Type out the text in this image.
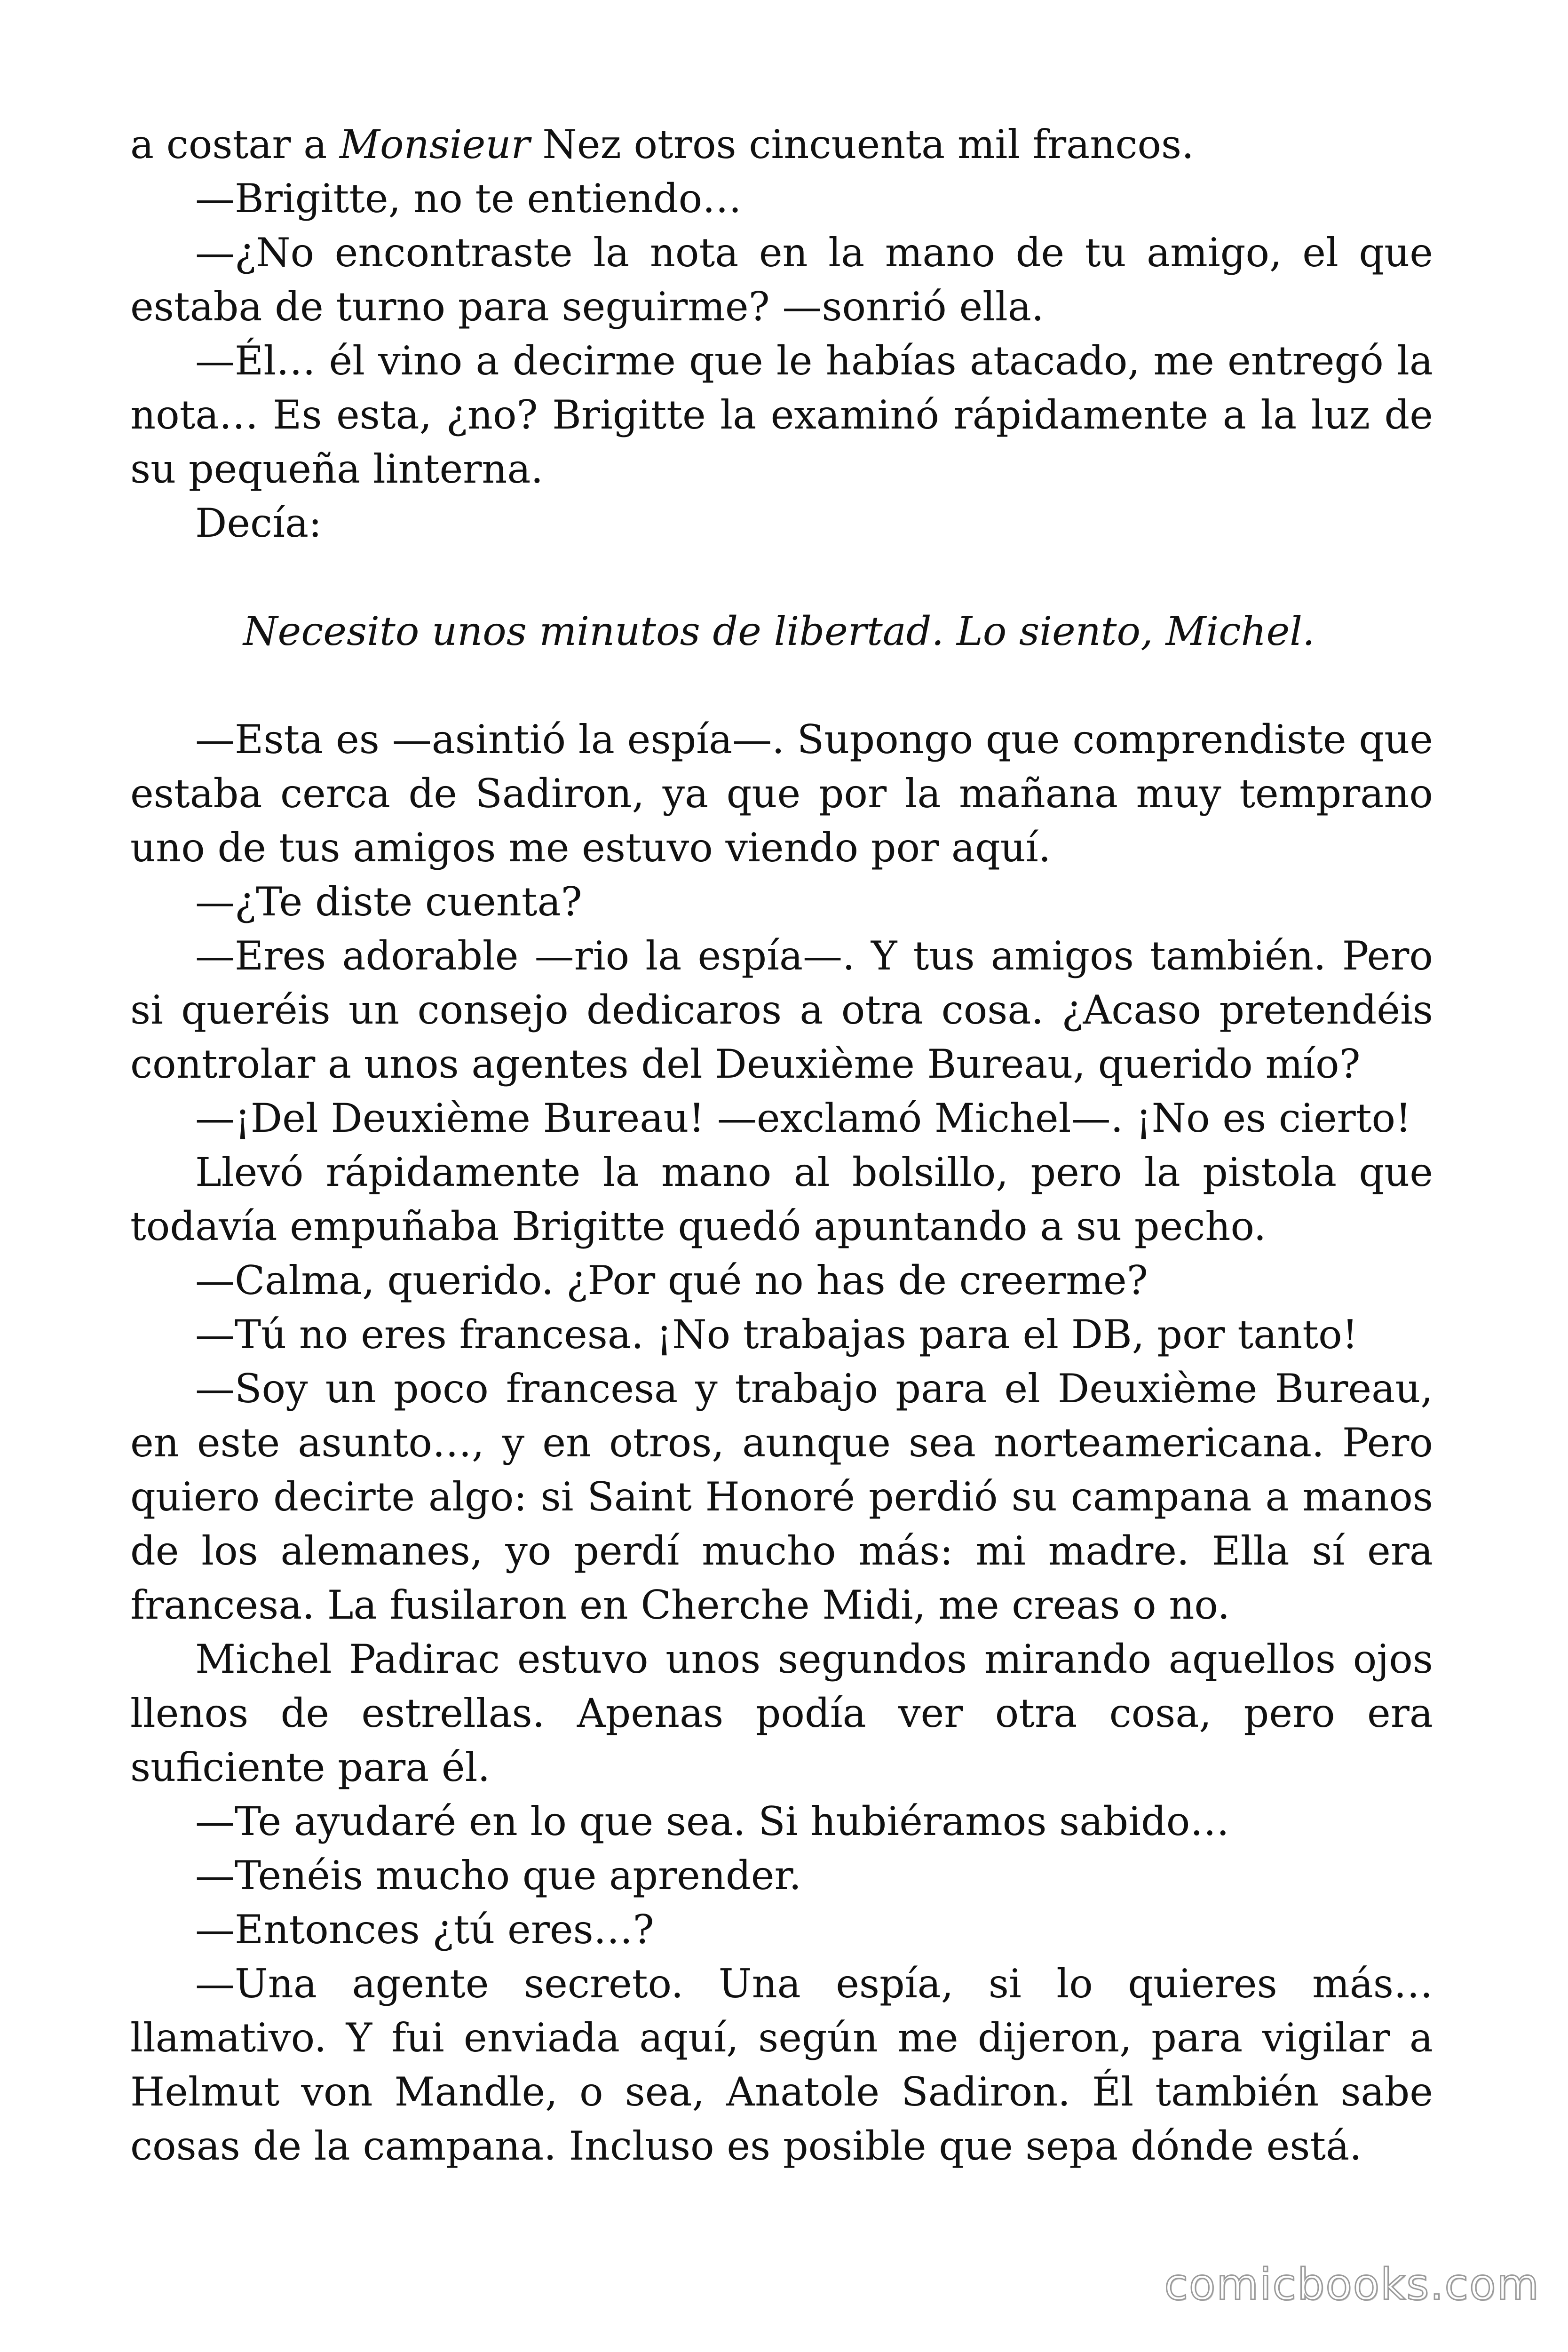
a costar a Monsieur Nez otros cincuenta mil francos.

—Brigitte, no te entiendo…

—¿No encontraste la nota en la mano de tu amigo, el que estaba de turno para seguirme? —sonrió ella.

—Él… él vino a decirme que le habías atacado, me entregó la nota… Es esta, ¿no? Brigitte la examinó rápidamente a la luz de su pequeña linterna.

Decía:

Necesito unos minutos de libertad. Lo siento, Michel.

—Esta es —asintió la espía—. Supongo que comprendiste que estaba cerca de Sadiron, ya que por la mañana muy temprano uno de tus amigos me estuvo viendo por aquí.

—¿Te diste cuenta?

—Eres adorable —rio la espía—. Y tus amigos también. Pero si queréis un consejo dedicaros a otra cosa. ¿Acaso pretendéis controlar a unos agentes del Deuxième Bureau, querido mío?

—¡Del Deuxième Bureau! —exclamó Michel—. ¡No es cierto!

Llevó rápidamente la mano al bolsillo, pero la pistola que todavía empuñaba Brigitte quedó apuntando a su pecho.

—Calma, querido. ¿Por qué no has de creerme?

—Tú no eres francesa. ¡No trabajas para el DB, por tanto!

—Soy un poco francesa y trabajo para el Deuxième Bureau, en este asunto…, y en otros, aunque sea norteamericana. Pero quiero decirte algo: si Saint Honoré perdió su campana a manos de los alemanes, yo perdí mucho más: mi madre. Ella sí era francesa. La fusilaron en Cherche Midi, me creas o no.

Michel Padirac estuvo unos segundos mirando aquellos ojos llenos de estrellas. Apenas podía ver otra cosa, pero era suficiente para él.

—Te ayudaré en lo que sea. Si hubiéramos sabido…

—Tenéis mucho que aprender.

—Entonces ¿tú eres…?

—Una agente secreto. Una espía, si lo quieres más… llamativo. Y fui enviada aquí, según me dijeron, para vigilar a Helmut von Mandle, o sea, Anatole Sadiron. Él también sabe cosas de la campana. Incluso es posible que sepa dónde está.

comicbooks.com
